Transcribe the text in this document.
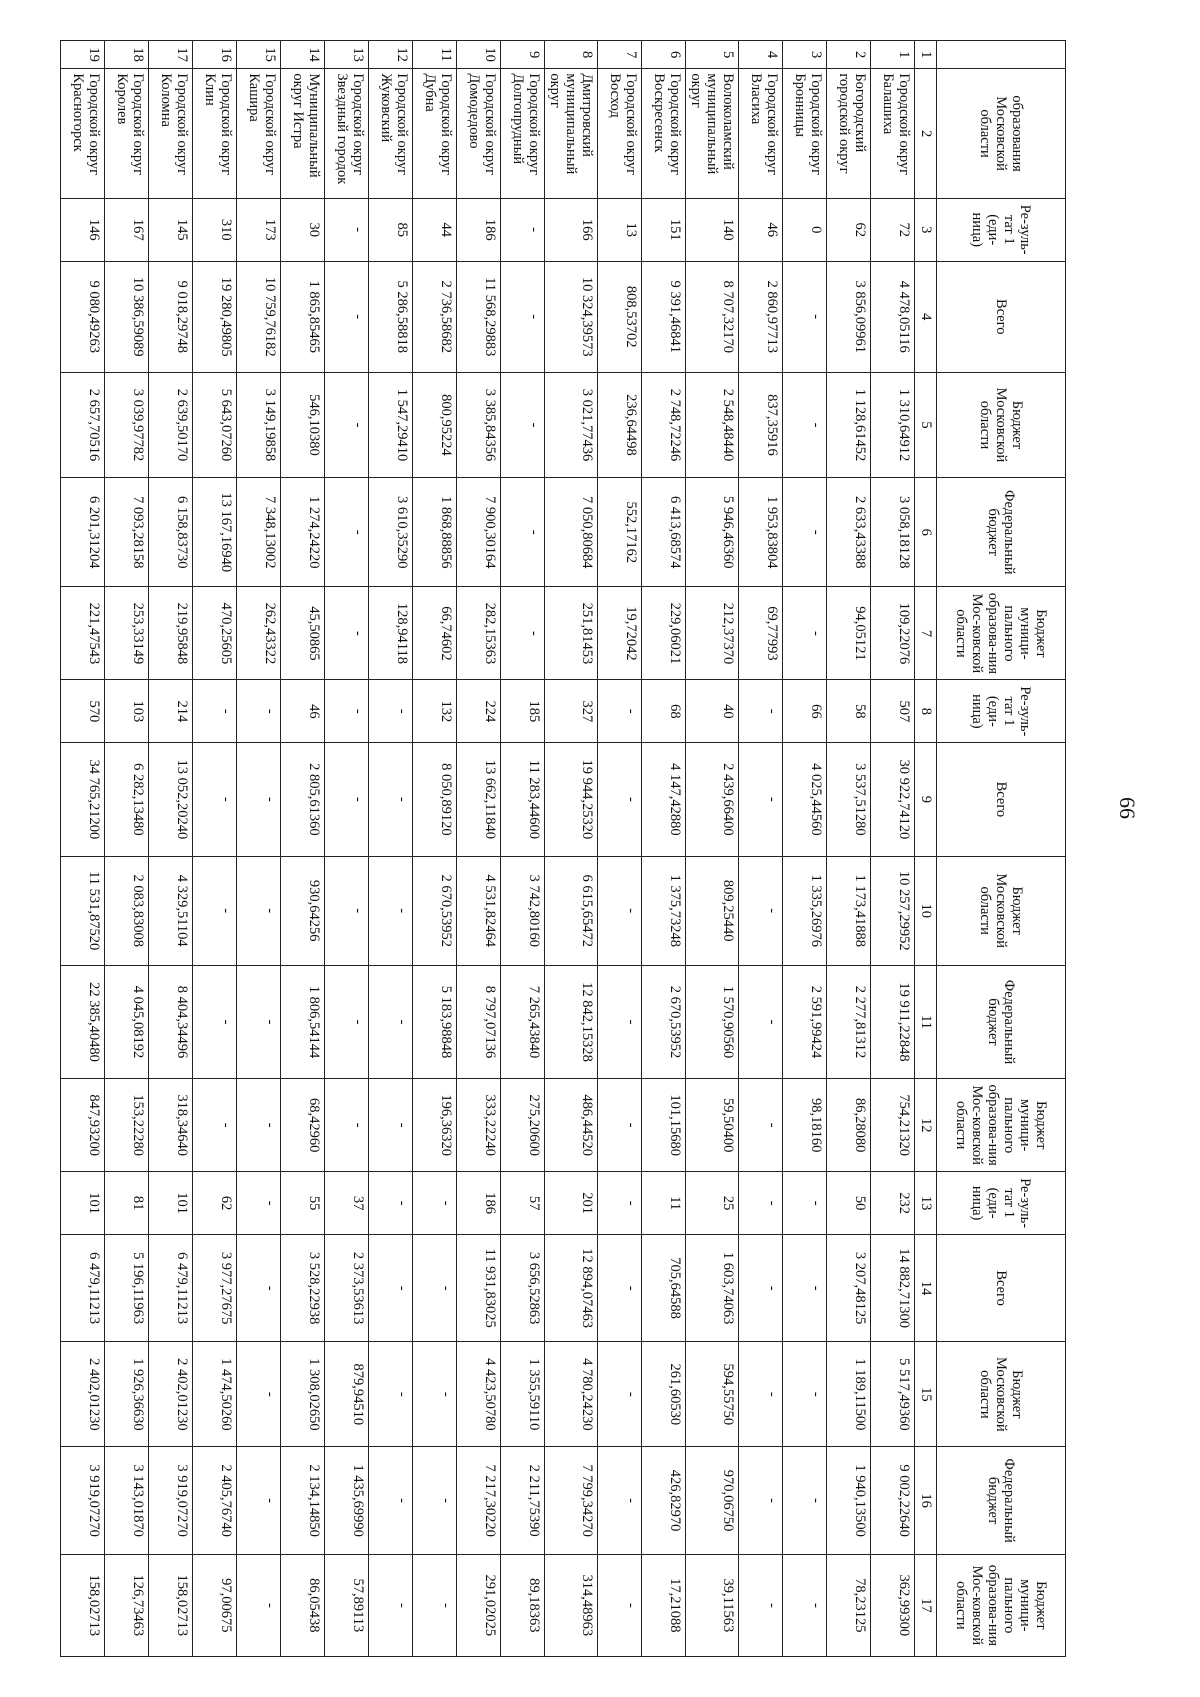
66
	образования Московской области	Ре-зуль-тат 1 (еди-ница)	Всего	Бюджет Московской области	Федеральный бюджет	Бюджет муници-пального образова-ния Мос-ковской области	Ре-зуль-тат 1 (еди-ница)	Всего	Бюджет Московской области	Федеральный бюджет	Бюджет муници-пального образова-ния Мос-ковской области	Ре-зуль-тат 1 (еди-ница)	Всего	Бюджет Московской области	Федеральный бюджет	Бюджет муници-пального образова-ния Мос-ковской области
1	2	3	4	5	6	7	8	9	10	11	12	13	14	15	16	17
1	Городской округ Балашиха	72	4 478,05116	1 310,64912	3 058,18128	109,22076	507	30 922,74120	10 257,29952	19 911,22848	754,21320	232	14 882,71300	5 517,49360	9 002,22640	362,99300
2	Богородский городской округ	62	3 856,09961	1 128,61452	2 633,43388	94,05121	58	3 537,51280	1 173,41888	2 277,81312	86,28080	50	3 207,48125	1 189,11500	1 940,13500	78,23125
3	Городской округ Бронницы	0	-	-	-	-	66	4 025,44560	1 335,26976	2 591,99424	98,18160	-	-	-	-	-
4	Городской округ Власиха	46	2 860,97713	837,35916	1 953,83804	69,77993	-	-	-	-	-	-	-	-	-	-
5	Волоколамский муниципальный округ	140	8 707,32170	2 548,48440	5 946,46360	212,37370	40	2 439,66400	809,25440	1 570,90560	59,50400	25	1 603,74063	594,55750	970,06750	39,11563
6	Городской округ Воскресенск	151	9 391,46841	2 748,72246	6 413,68574	229,06021	68	4 147,42880	1 375,73248	2 670,53952	101,15680	11	705,64588	261,60530	426,82970	17,21088
7	Городской округ Восход	13	808,53702	236,64498	552,17162	19,72042	-	-	-	-	-	-	-	-	-	-
8	Дмитровский муниципальный округ	166	10 324,39573	3 021,77436	7 050,80684	251,81453	327	19 944,25320	6 615,65472	12 842,15328	486,44520	201	12 894,07463	4 780,24230	7 799,34270	314,48963
9	Городской округ Долгопрудный	-	-	-	-	-	185	11 283,44600	3 742,80160	7 265,43840	275,20600	57	3 656,52863	1 355,59110	2 211,75390	89,18363
10	Городской округ Домодедово	186	11 568,29883	3 385,84356	7 900,30164	282,15363	224	13 662,11840	4 531,82464	8 797,07136	333,22240	186	11 931,83025	4 423,50780	7 217,30220	291,02025
11	Городской округ Дубна	44	2 736,58682	800,95224	1 868,88856	66,74602	132	8 050,89120	2 670,53952	5 183,98848	196,36320	-	-	-	-	-
12	Городской округ Жуковский	85	5 286,58818	1 547,29410	3 610,35290	128,94118	-	-	-	-	-	-	-	-	-	-
13	Городской округ Звездный городок	-	-	-	-	-	-	-	-	-	-	37	2 373,53613	879,94510	1 435,69990	57,89113
14	Муниципальный округ Истра	30	1 865,85465	546,10380	1 274,24220	45,50865	46	2 805,61360	930,64256	1 806,54144	68,42960	55	3 528,22938	1 308,02650	2 134,14850	86,05438
15	Городской округ Кашира	173	10 759,76182	3 149,19858	7 348,13002	262,43322	-	-	-	-	-	-	-	-	-	-
16	Городской округ Клин	310	19 280,49805	5 643,07260	13 167,16940	470,25605	-	-	-	-	-	62	3 977,27675	1 474,50260	2 405,76740	97,00675
17	Городской округ Коломна	145	9 018,29748	2 639,50170	6 158,83730	219,95848	214	13 052,20240	4 329,51104	8 404,34496	318,34640	101	6 479,11213	2 402,01230	3 919,07270	158,02713
18	Городской округ Королев	167	10 386,59089	3 039,97782	7 093,28158	253,33149	103	6 282,13480	2 083,83008	4 045,08192	153,22280	81	5 196,11963	1 926,36630	3 143,01870	126,73463
19	Городской округ Красногорск	146	9 080,49263	2 657,70516	6 201,31204	221,47543	570	34 765,21200	11 531,87520	22 385,40480	847,93200	101	6 479,11213	2 402,01230	3 919,07270	158,02713
